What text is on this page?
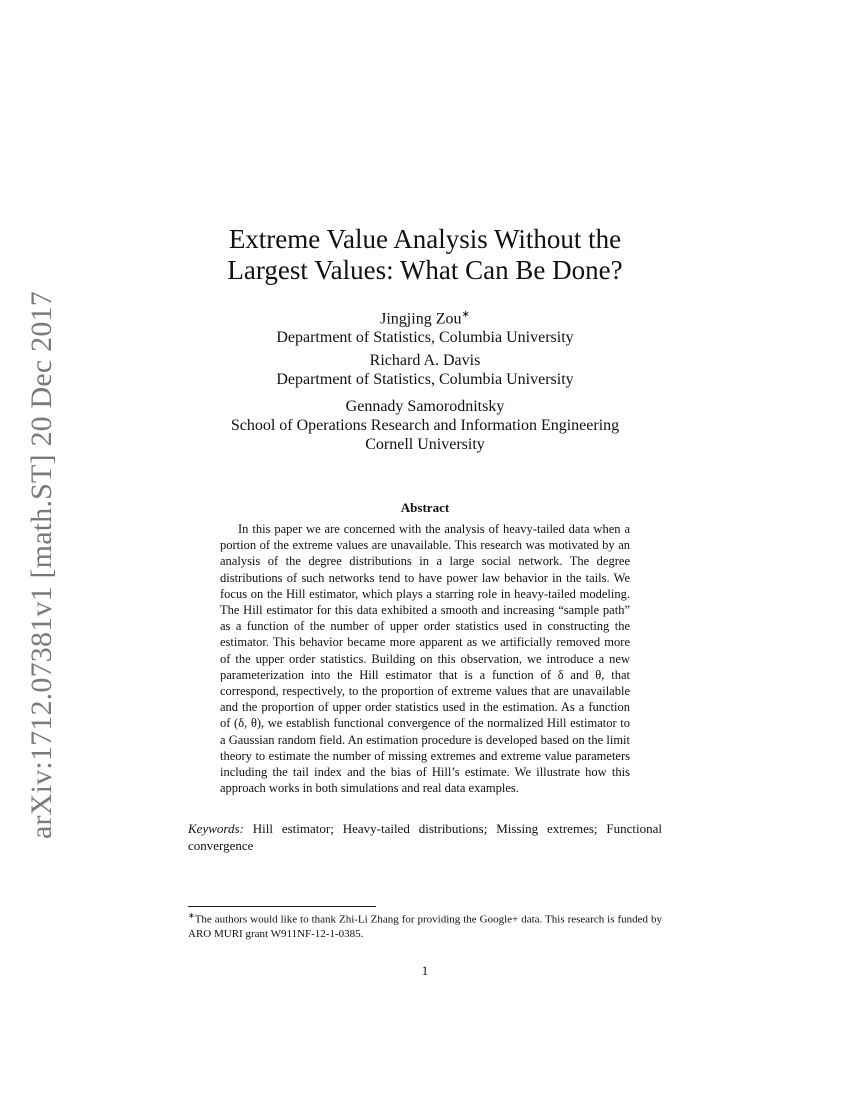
arXiv:1712.07381v1 [math.ST] 20 Dec 2017
Extreme Value Analysis Without the
Largest Values: What Can Be Done?
Jingjing Zou∗
Department of Statistics, Columbia University
Richard A. Davis
Department of Statistics, Columbia University
Gennady Samorodnitsky
School of Operations Research and Information Engineering
Cornell University
Abstract

In this paper we are concerned with the analysis of heavy-tailed data when a portion of the extreme values are unavailable. This research was motivated by an analysis of the degree distributions in a large social network. The degree distributions of such networks tend to have power law behavior in the tails. We focus on the Hill estimator, which plays a starring role in heavy-tailed modeling. The Hill estimator for this data exhibited a smooth and increasing “sample path” as a function of the number of upper order statistics used in constructing the estimator. This behavior became more apparent as we artificially removed more of the upper order statistics. Building on this observation, we introduce a new parameterization into the Hill estimator that is a function of δ and θ, that correspond, respectively, to the proportion of extreme values that are unavailable and the proportion of upper order statistics used in the estimation. As a function of (δ, θ), we establish functional convergence of the normalized Hill estimator to a Gaussian random field. An estimation procedure is developed based on the limit theory to estimate the number of missing extremes and extreme value parameters including the tail index and the bias of Hill’s estimate. We illustrate how this approach works in both simulations and real data examples.

Keywords: Hill estimator; Heavy-tailed distributions; Missing extremes; Functional convergence

∗The authors would like to thank Zhi-Li Zhang for providing the Google+ data. This research is funded by ARO MURI grant W911NF-12-1-0385.

1
